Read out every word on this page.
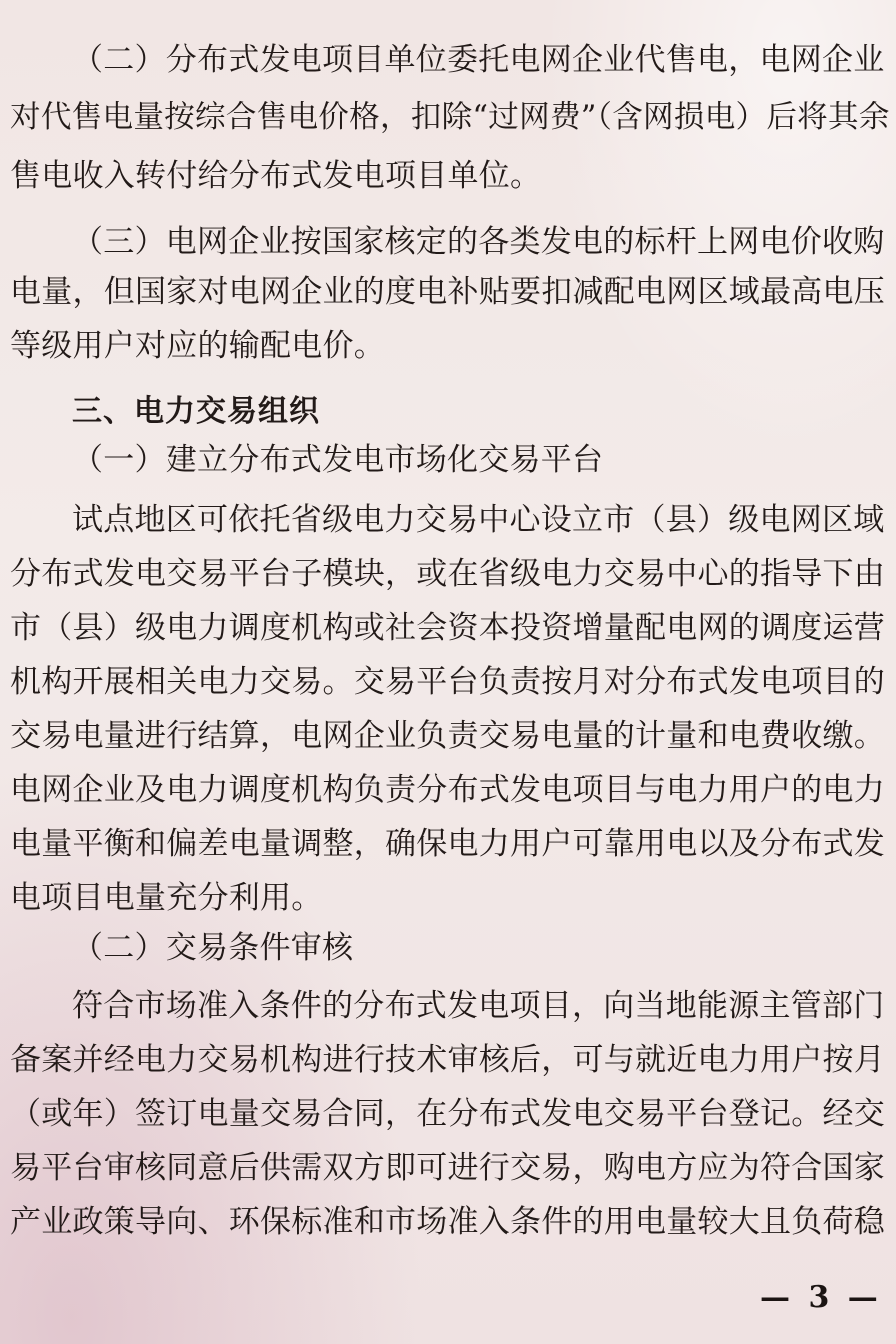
（二）分布式发电项目单位委托电网企业代售电，电网企业
对代售电量按综合售电价格，扣除“过网费”（含网损电）后将其余
售电收入转付给分布式发电项目单位。
（三）电网企业按国家核定的各类发电的标杆上网电价收购
电量，但国家对电网企业的度电补贴要扣减配电网区域最高电压
等级用户对应的输配电价。
三、电力交易组织
（一）建立分布式发电市场化交易平台
试点地区可依托省级电力交易中心设立市（县）级电网区域
分布式发电交易平台子模块，或在省级电力交易中心的指导下由
市（县）级电力调度机构或社会资本投资增量配电网的调度运营
机构开展相关电力交易。交易平台负责按月对分布式发电项目的
交易电量进行结算，电网企业负责交易电量的计量和电费收缴。
电网企业及电力调度机构负责分布式发电项目与电力用户的电力
电量平衡和偏差电量调整，确保电力用户可靠用电以及分布式发
电项目电量充分利用。
（二）交易条件审核
符合市场准入条件的分布式发电项目，向当地能源主管部门
备案并经电力交易机构进行技术审核后，可与就近电力用户按月
（或年）签订电量交易合同，在分布式发电交易平台登记。经交
易平台审核同意后供需双方即可进行交易，购电方应为符合国家
产业政策导向、环保标准和市场准入条件的用电量较大且负荷稳
— 3 —
